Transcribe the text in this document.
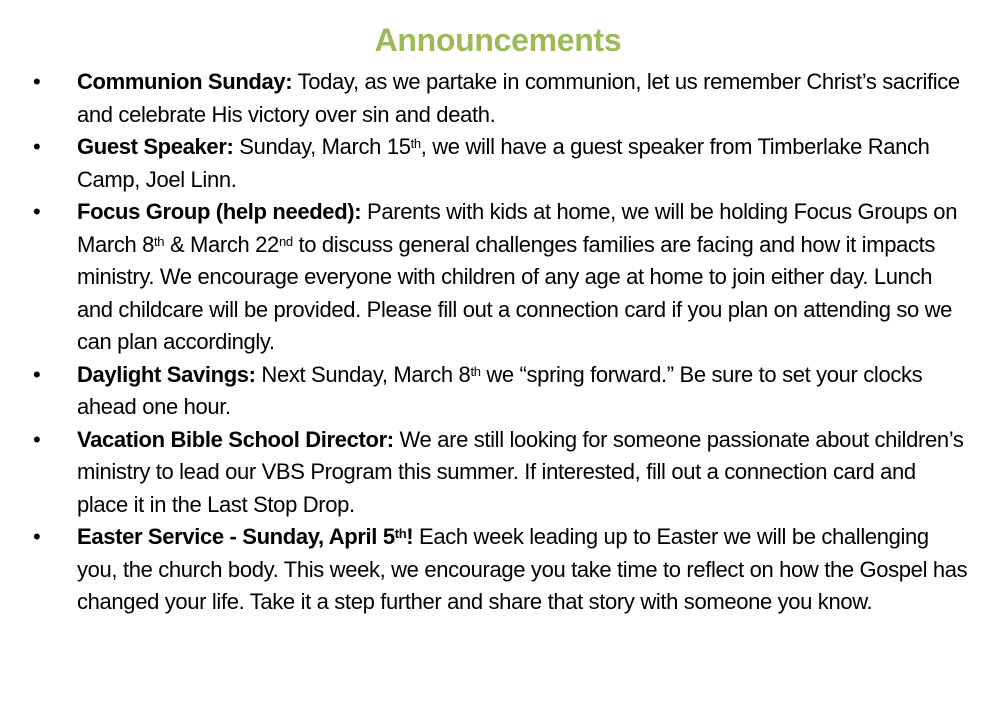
Announcements
• Communion Sunday: Today, as we partake in communion, let us remember Christ’s sacrifice and celebrate His victory over sin and death.
• Guest Speaker: Sunday, March 15th, we will have a guest speaker from Timberlake Ranch Camp, Joel Linn.
• Focus Group (help needed): Parents with kids at home, we will be holding Focus Groups on March 8th & March 22nd to discuss general challenges families are facing and how it impacts ministry. We encourage everyone with children of any age at home to join either day. Lunch and childcare will be provided. Please fill out a connection card if you plan on attending so we can plan accordingly.
• Daylight Savings: Next Sunday, March 8th we “spring forward.” Be sure to set your clocks ahead one hour.
• Vacation Bible School Director: We are still looking for someone passionate about children’s ministry to lead our VBS Program this summer. If interested, fill out a connection card and place it in the Last Stop Drop.
• Easter Service - Sunday, April 5th! Each week leading up to Easter we will be challenging you, the church body. This week, we encourage you take time to reflect on how the Gospel has changed your life. Take it a step further and share that story with someone you know.
